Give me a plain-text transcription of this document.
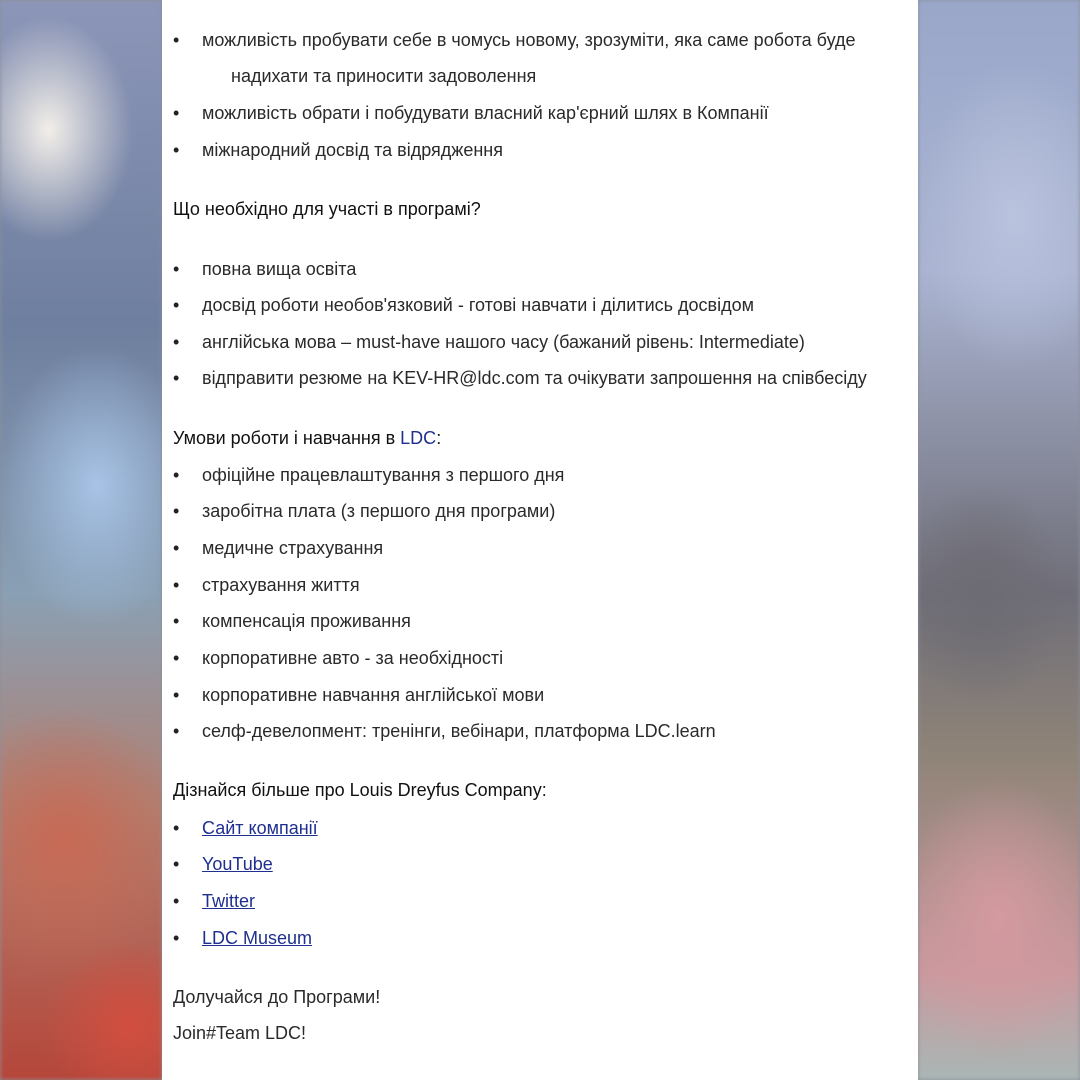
• можливість пробувати себе в чомусь новому, зрозуміти, яка саме робота буде
надихати та приносити задоволення
• можливість обрати і побудувати власний кар'єрний шлях в Компанії
• міжнародний досвід та відрядження
Що необхідно для участі в програмі?
• повна вища освіта
• досвід роботи необов'язковий - готові навчати і ділитись досвідом
• англійська мова – must-have нашого часу (бажаний рівень: Intermediate)
• відправити резюме на KEV-HR@ldc.com та очікувати запрошення на співбесіду
Умови роботи і навчання в LDC:
• офіційне працевлаштування з першого дня
• заробітна плата (з першого дня програми)
• медичне страхування
• страхування життя
• компенсація проживання
• корпоративне авто - за необхідності
• корпоративне навчання англійської мови
• селф-девелопмент: тренінги, вебінари, платформа LDC.learn
Дізнайся більше про Louis Dreyfus Company:
• Сайт компанії
• YouTube
• Twitter
• LDC Museum
Долучайся до Програми!
Join#Team LDC!
